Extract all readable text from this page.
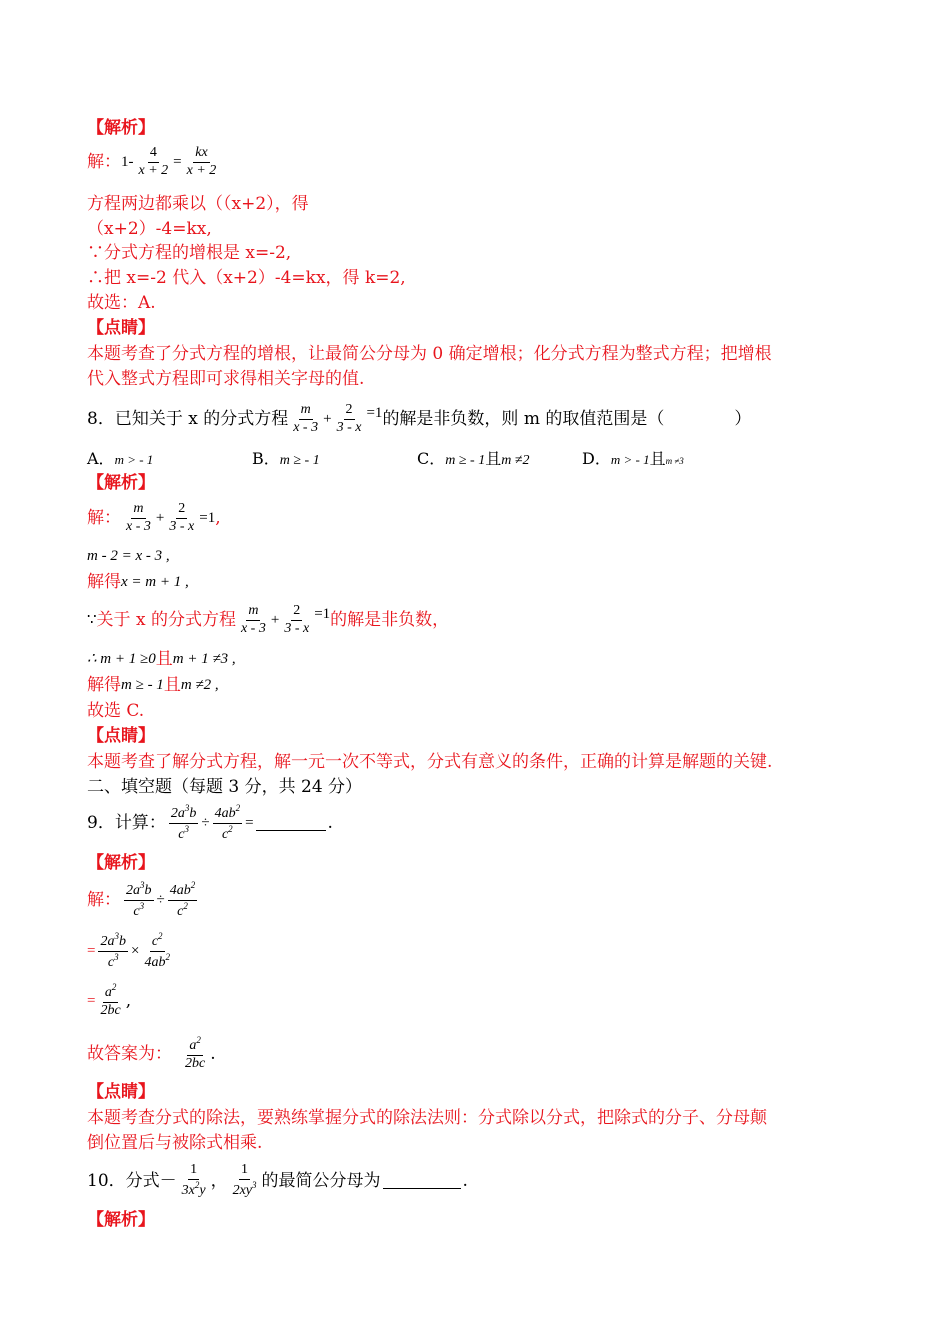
【解析】
解： $1- \frac{4}{x + 2} = \frac{kx}{x + 2}$
方程两边都乘以（（x+2），得
（x+2）-4=kx,
∵分式方程的增根是 x=-2,
∴把 x=-2 代入（x+2）-4=kx，得 k=2,
故选：A.
【点睛】
本题考查了分式方程的增根，让最简公分母为 0 确定增根；化分式方程为整式方程；把增根
代入整式方程即可求得相关字母的值.
8．已知关于 x 的分式方程 $\frac{m}{x - 3} + \frac{2}{3 - x} =1$ 的解是非负数，则 m 的取值范围是（	）
A．m > - 1	B．m ≥ - 1	C．m ≥ - 1且m ≠2	D．m > - 1且m ≠3
【解析】
解： $\frac{m}{x - 3} + \frac{2}{3 - x} =1$ ,
m - 2 = x - 3 ,
解得 x = m + 1 ,
∵ 关于 x 的分式方程 $\frac{m}{x - 3} + \frac{2}{3 - x} =1$ 的解是非负数，
∴ m + 1 ≥0 且 m + 1 ≠3 ,
解得 m ≥ - 1 且 m ≠2 ,
故选 C.
【点睛】
本题考查了解分式方程，解一元一次不等式，分式有意义的条件，正确的计算是解题的关键.
二、填空题（每题 3 分，共 24 分）
9．计算： $\frac{2a^3b}{c^3} \div \frac{4ab^2}{c^2}$ =	.
【解析】
解： $\frac{2a^3b}{c^3} \div \frac{4ab^2}{c^2}$
= $\frac{2a^3b}{c^3} \times \frac{c^2}{4ab^2}$
= $\frac{a^2}{2bc}$ ,
故答案为： $\frac{a^2}{2bc}$ .
【点睛】
本题考查分式的除法，要熟练掌握分式的除法法则：分式除以分式，把除式的分子、分母颠
倒位置后与被除式相乘.
10．分式－ $\frac{1}{3x^2y}$ ， $\frac{1}{2xy^3}$ 的最简公分母为	.
【解析】
